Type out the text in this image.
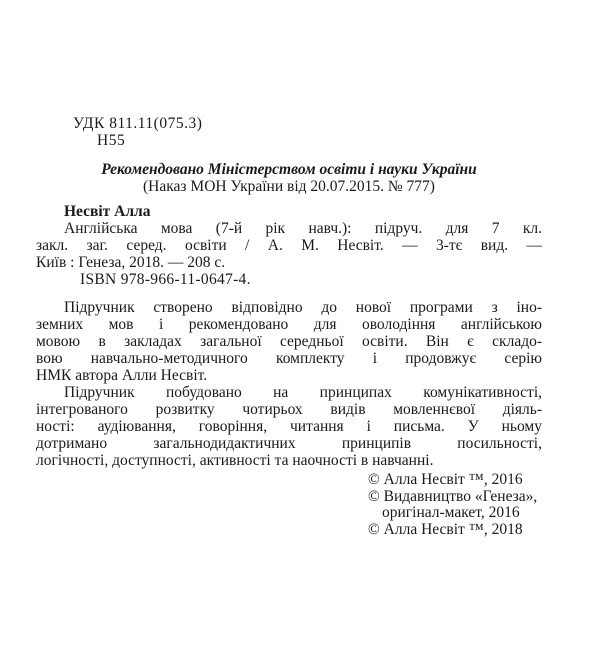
УДК 811.11(075.3)
Н55
Рекомендовано Міністерством освіти і науки України
(Наказ МОН України від 20.07.2015. № 777)
Несвіт Алла
Англійська мова (7-й рік навч.): підруч. для 7 кл.
закл. заг. серед. освіти / А. М. Несвіт. — 3-тє вид. —
Київ : Генеза, 2018. — 208 с.
ISBN 978-966-11-0647-4.
Підручник створено відповідно до нової програми з іно-
земних мов і рекомендовано для оволодіння англійською
мовою в закладах загальної середньої освіти. Він є складо-
вою навчально-методичного комплекту і продовжує серію
НМК автора Алли Несвіт.
Підручник побудовано на принципах комунікативності,
інтегрованого розвитку чотирьох видів мовленнєвої діяль-
ності: аудіювання, говоріння, читання і письма. У ньому
дотримано загальнодидактичних принципів посильності,
логічності, доступності, активності та наочності в навчанні.
© Алла Несвіт ™, 2016
© Видавництво «Генеза»,
оригінал-макет, 2016
© Алла Несвіт ™, 2018
